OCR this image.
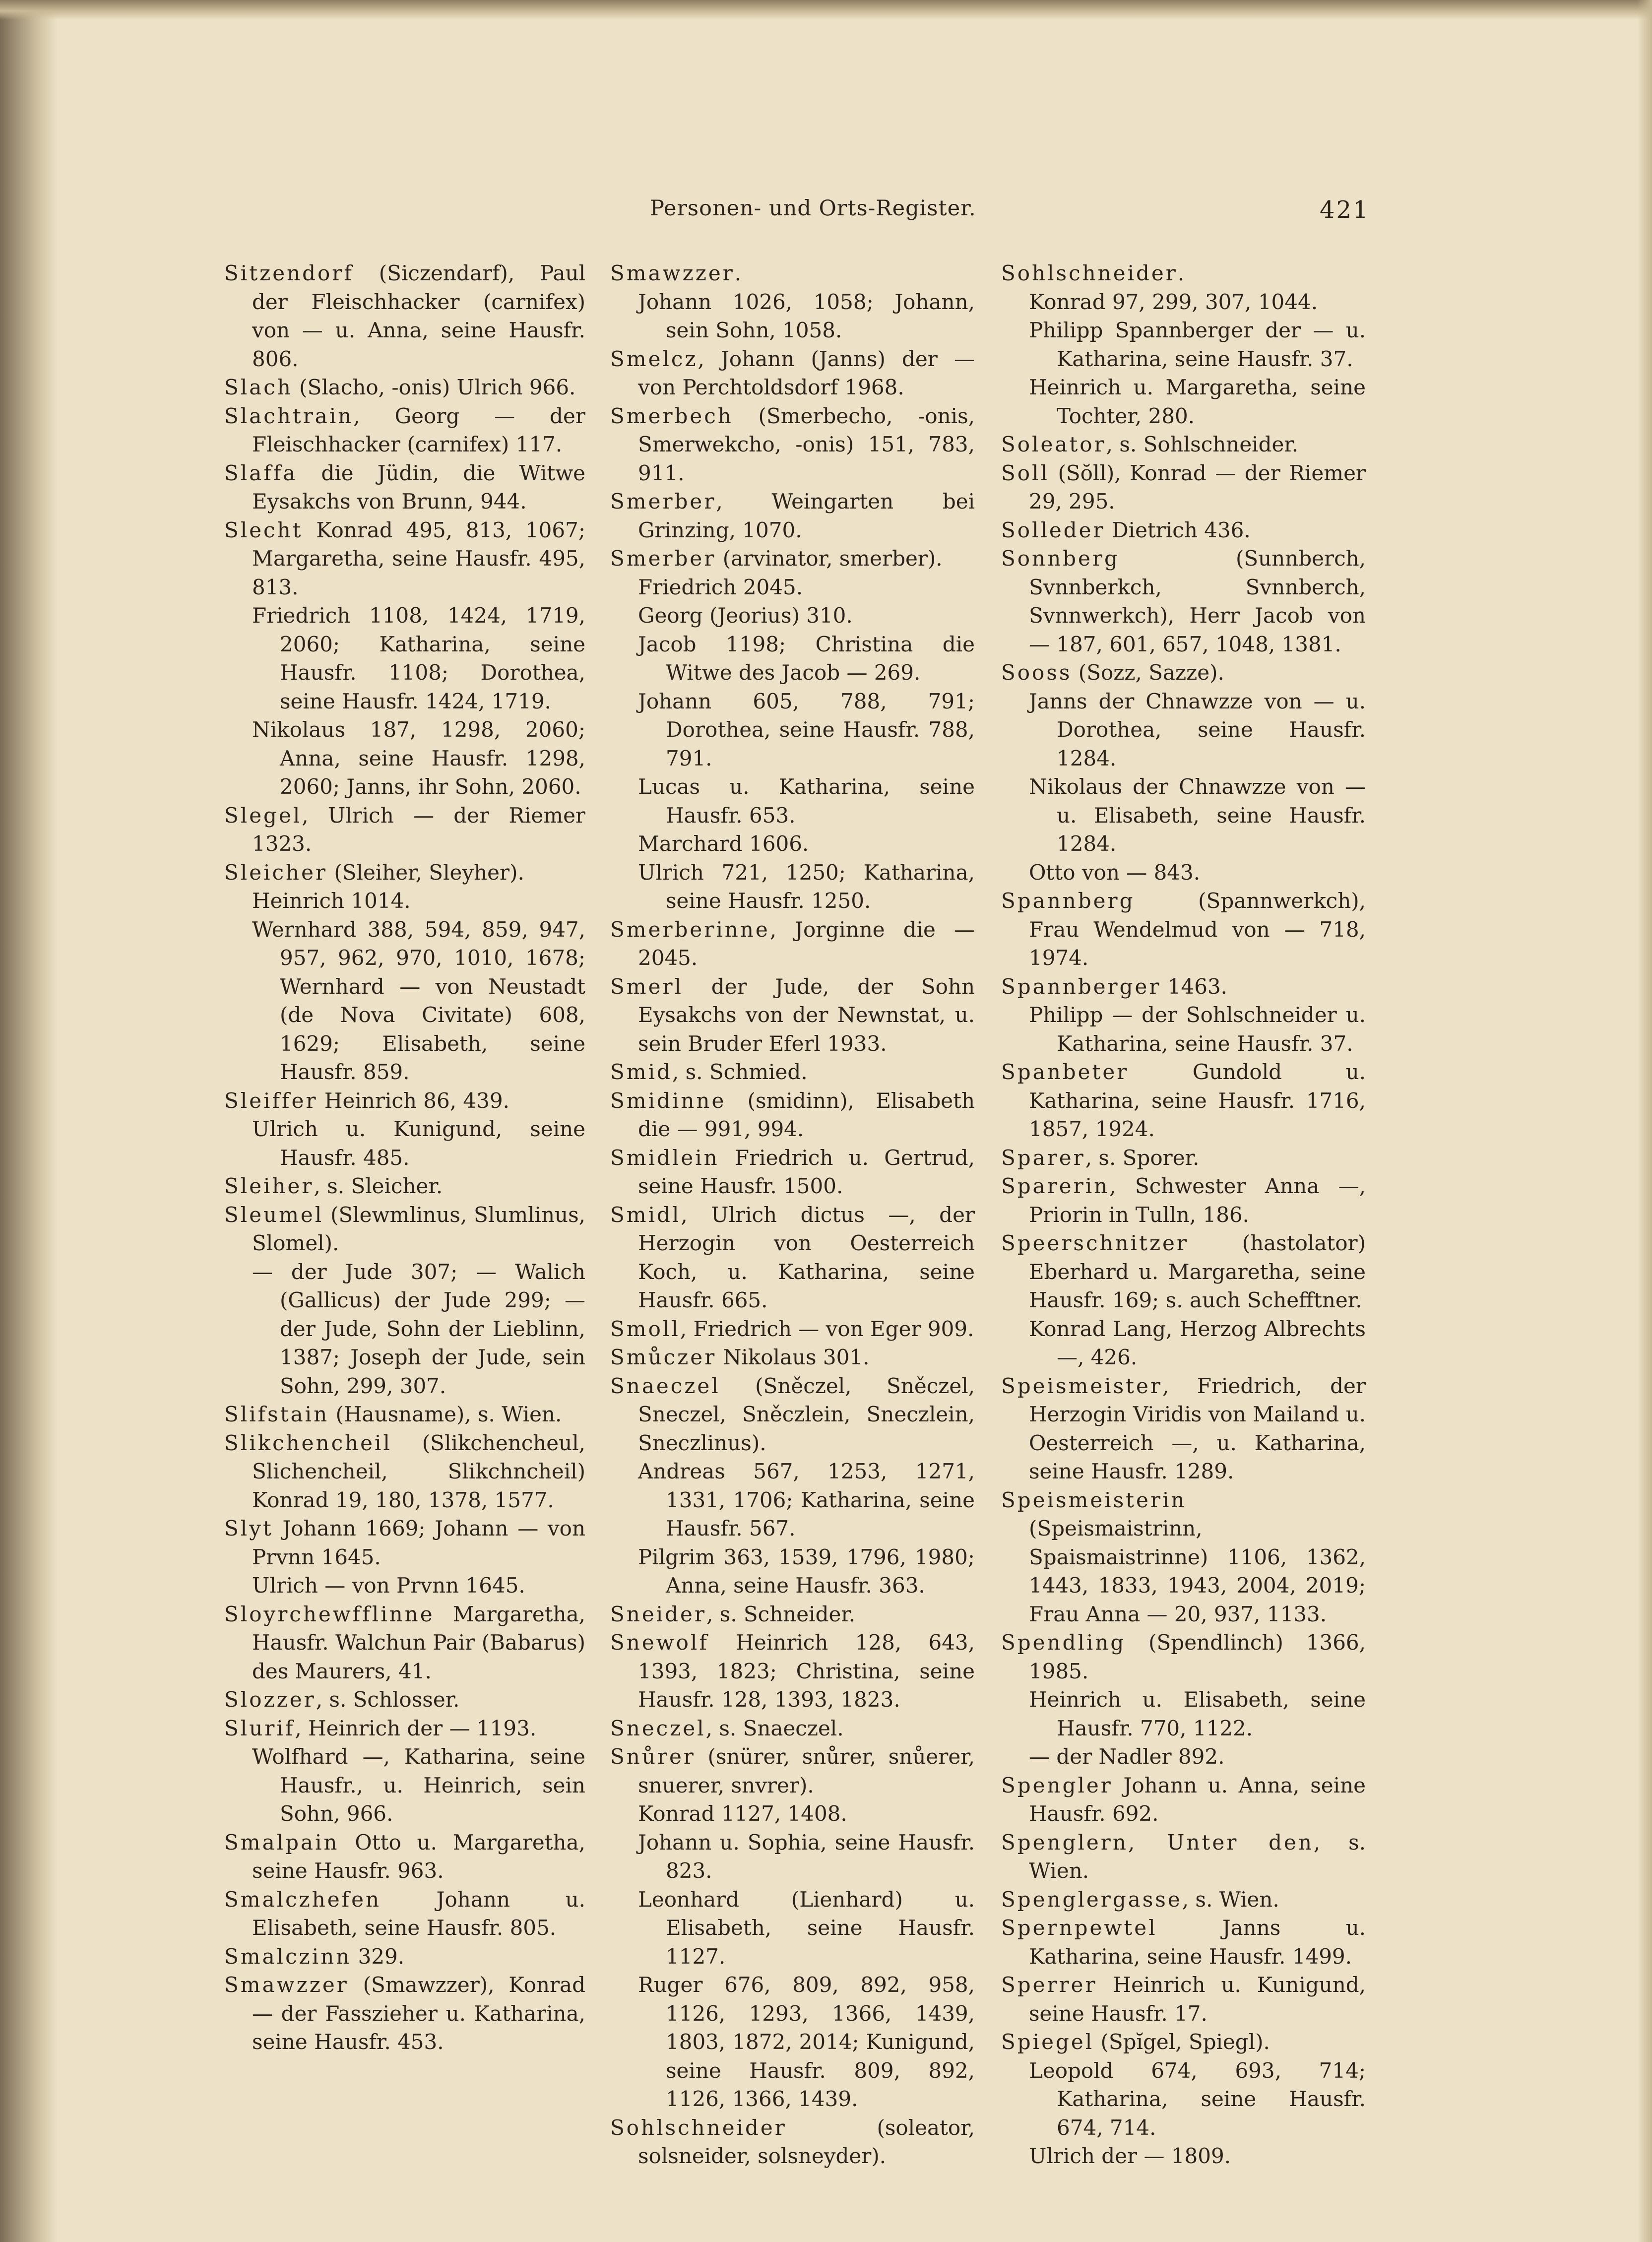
Personen- und Orts-Register.	421
Sitzendorf (Siczendarf), Paul der Fleischhacker (carnifex) von — u. Anna, seine Hausfr. 806.
Slach (Slacho, -onis) Ulrich 966.
Slachtrain, Georg — der Fleischhacker (carnifex) 117.
Slaffa die Jüdin, die Witwe Eysakchs von Brunn, 944.
Slecht Konrad 495, 813, 1067; Margaretha, seine Hausfr. 495, 813.
Friedrich 1108, 1424, 1719, 2060; Katharina, seine Hausfr. 1108; Dorothea, seine Hausfr. 1424, 1719.
Nikolaus 187, 1298, 2060; Anna, seine Hausfr. 1298, 2060; Janns, ihr Sohn, 2060.
Slegel, Ulrich — der Riemer 1323.
Sleicher (Sleiher, Sleyher).
Heinrich 1014.
Wernhard 388, 594, 859, 947, 957, 962, 970, 1010, 1678; Wernhard — von Neustadt (de Nova Civitate) 608, 1629; Elisabeth, seine Hausfr. 859.
Sleiffer Heinrich 86, 439.
Ulrich u. Kunigund, seine Hausfr. 485.
Sleiher, s. Sleicher.
Sleumel (Slewmlinus, Slumlinus, Slomel).
— der Jude 307; — Walich (Gallicus) der Jude 299; — der Jude, Sohn der Lieblinn, 1387; Joseph der Jude, sein Sohn, 299, 307.
Slifstain (Hausname), s. Wien.
Slikchencheil (Slikchencheul, Slichencheil, Slikchncheil) Konrad 19, 180, 1378, 1577.
Slyt Johann 1669; Johann — von Prvnn 1645.
Ulrich — von Prvnn 1645.
Sloyrchewfflinne Margaretha, Hausfr. Walchun Pair (Babarus) des Maurers, 41.
Slozzer, s. Schlosser.
Slurif, Heinrich der — 1193.
Wolfhard —, Katharina, seine Hausfr., u. Heinrich, sein Sohn, 966.
Smalpain Otto u. Margaretha, seine Hausfr. 963.
Smalczhefen Johann u. Elisabeth, seine Hausfr. 805.
Smalczinn 329.
Smawzzer (Smawzzer), Konrad — der Fasszieher u. Katharina, seine Hausfr. 453.
Smawzzer.
Johann 1026, 1058; Johann, sein Sohn, 1058.
Smelcz, Johann (Janns) der — von Perchtoldsdorf 1968.
Smerbech (Smerbecho, -onis, Smerwekcho, -onis) 151, 783, 911.
Smerber, Weingarten bei Grinzing, 1070.
Smerber (arvinator, smerber).
Friedrich 2045.
Georg (Jeorius) 310.
Jacob 1198; Christina die Witwe des Jacob — 269.
Johann 605, 788, 791; Dorothea, seine Hausfr. 788, 791.
Lucas u. Katharina, seine Hausfr. 653.
Marchard 1606.
Ulrich 721, 1250; Katharina, seine Hausfr. 1250.
Smerberinne, Jorginne die — 2045.
Smerl der Jude, der Sohn Eysakchs von der Newnstat, u. sein Bruder Eferl 1933.
Smid, s. Schmied.
Smidinne (smidinn), Elisabeth die — 991, 994.
Smidlein Friedrich u. Gertrud, seine Hausfr. 1500.
Smidl, Ulrich dictus —, der Herzogin von Oesterreich Koch, u. Katharina, seine Hausfr. 665.
Smoll, Friedrich — von Eger 909.
Smůczer Nikolaus 301.
Snaeczel (Sněczel, Sněczel, Sneczel, Sněczlein, Sneczlein, Sneczlinus).
Andreas 567, 1253, 1271, 1331, 1706; Katharina, seine Hausfr. 567.
Pilgrim 363, 1539, 1796, 1980; Anna, seine Hausfr. 363.
Sneider, s. Schneider.
Snewolf Heinrich 128, 643, 1393, 1823; Christina, seine Hausfr. 128, 1393, 1823.
Sneczel, s. Snaeczel.
Snůrer (snürer, snůrer, snůerer, snuerer, snvrer).
Konrad 1127, 1408.
Johann u. Sophia, seine Hausfr. 823.
Leonhard (Lienhard) u. Elisabeth, seine Hausfr. 1127.
Ruger 676, 809, 892, 958, 1126, 1293, 1366, 1439, 1803, 1872, 2014; Kunigund, seine Hausfr. 809, 892, 1126, 1366, 1439.
Sohlschneider (soleator, solsneider, solsneyder).
Sohlschneider.
Konrad 97, 299, 307, 1044.
Philipp Spannberger der — u. Katharina, seine Hausfr. 37.
Heinrich u. Margaretha, seine Tochter, 280.
Soleator, s. Sohlschneider.
Soll (Sŏll), Konrad — der Riemer 29, 295.
Solleder Dietrich 436.
Sonnberg (Sunnberch, Svnnberkch, Svnnberch, Svnnwerkch), Herr Jacob von — 187, 601, 657, 1048, 1381.
Sooss (Sozz, Sazze).
Janns der Chnawzze von — u. Dorothea, seine Hausfr. 1284.
Nikolaus der Chnawzze von — u. Elisabeth, seine Hausfr. 1284.
Otto von — 843.
Spannberg (Spannwerkch), Frau Wendelmud von — 718, 1974.
Spannberger 1463.
Philipp — der Sohlschneider u. Katharina, seine Hausfr. 37.
Spanbeter Gundold u. Katharina, seine Hausfr. 1716, 1857, 1924.
Sparer, s. Sporer.
Sparerin, Schwester Anna —, Priorin in Tulln, 186.
Speerschnitzer (hastolator) Eberhard u. Margaretha, seine Hausfr. 169; s. auch Schefftner.
Konrad Lang, Herzog Albrechts —, 426.
Speismeister, Friedrich, der Herzogin Viridis von Mailand u. Oesterreich —, u. Katharina, seine Hausfr. 1289.
Speismeisterin (Speismaistrinn, Spaismaistrinne) 1106, 1362, 1443, 1833, 1943, 2004, 2019; Frau Anna — 20, 937, 1133.
Spendling (Spendlinch) 1366, 1985.
Heinrich u. Elisabeth, seine Hausfr. 770, 1122.
— der Nadler 892.
Spengler Johann u. Anna, seine Hausfr. 692.
Spenglern, Unter den, s. Wien.
Spenglergasse, s. Wien.
Spernpewtel Janns u. Katharina, seine Hausfr. 1499.
Sperrer Heinrich u. Kunigund, seine Hausfr. 17.
Spiegel (Spĭgel, Spiegl).
Leopold 674, 693, 714; Katharina, seine Hausfr. 674, 714.
Ulrich der — 1809.
